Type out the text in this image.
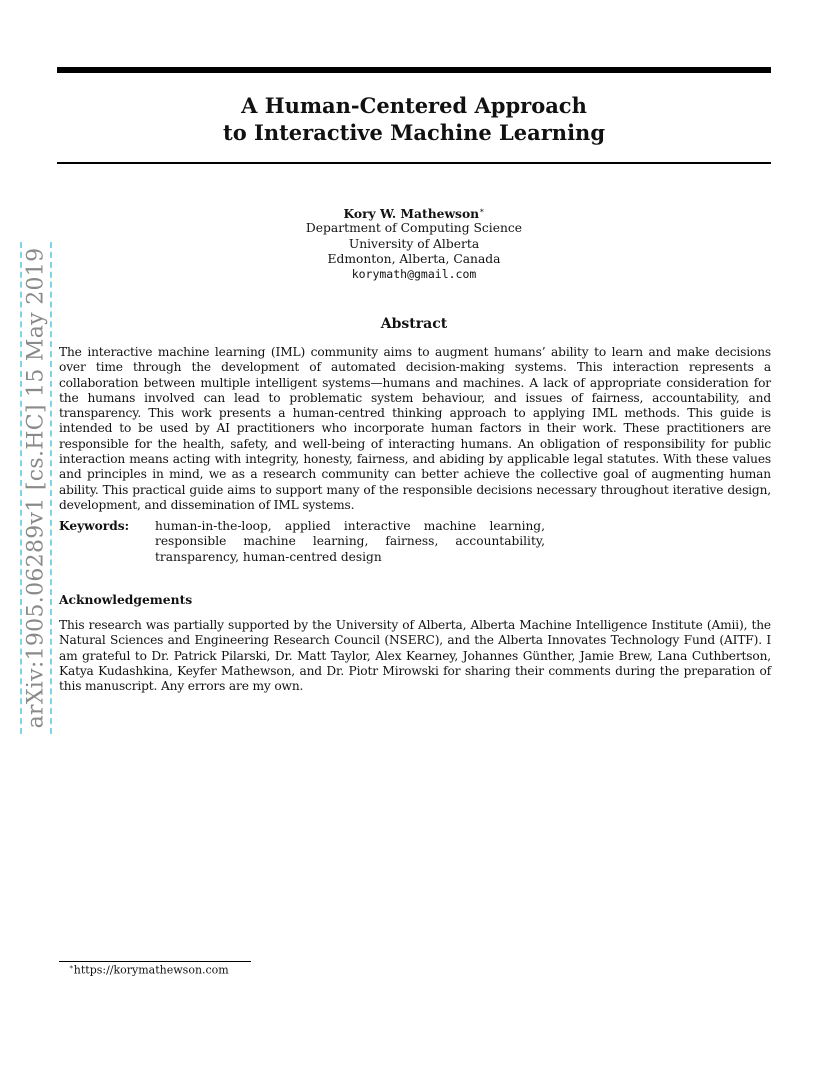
arXiv:1905.06289v1 [cs.HC] 15 May 2019
A Human-Centered Approach
to Interactive Machine Learning
Kory W. Mathewson∗
Department of Computing Science
University of Alberta
Edmonton, Alberta, Canada
korymath@gmail.com
Abstract

The interactive machine learning (IML) community aims to augment humans’ ability to learn and make decisions over time through the development of automated decision-making systems. This interaction represents a collaboration between multiple intelligent systems—humans and machines. A lack of appropriate consideration for the humans involved can lead to problematic system behaviour, and issues of fairness, accountability, and transparency. This work presents a human-centred thinking approach to applying IML methods. This guide is intended to be used by AI practitioners who incorporate human factors in their work. These practitioners are responsible for the health, safety, and well-being of interacting humans. An obligation of responsibility for public interaction means acting with integrity, honesty, fairness, and abiding by applicable legal statutes. With these values and principles in mind, we as a research community can better achieve the collective goal of augmenting human ability. This practical guide aims to support many of the responsible decisions necessary throughout iterative design, development, and dissemination of IML systems.

Keywords: human-in-the-loop, applied interactive machine learning, responsible machine learning, fairness, accountability, transparency, human-centred design
Acknowledgements

This research was partially supported by the University of Alberta, Alberta Machine Intelligence Institute (Amii), the Natural Sciences and Engineering Research Council (NSERC), and the Alberta Innovates Technology Fund (AITF). I am grateful to Dr. Patrick Pilarski, Dr. Matt Taylor, Alex Kearney, Johannes Günther, Jamie Brew, Lana Cuthbertson, Katya Kudashkina, Keyfer Mathewson, and Dr. Piotr Mirowski for sharing their comments during the preparation of this manuscript. Any errors are my own.

∗https://korymathewson.com
